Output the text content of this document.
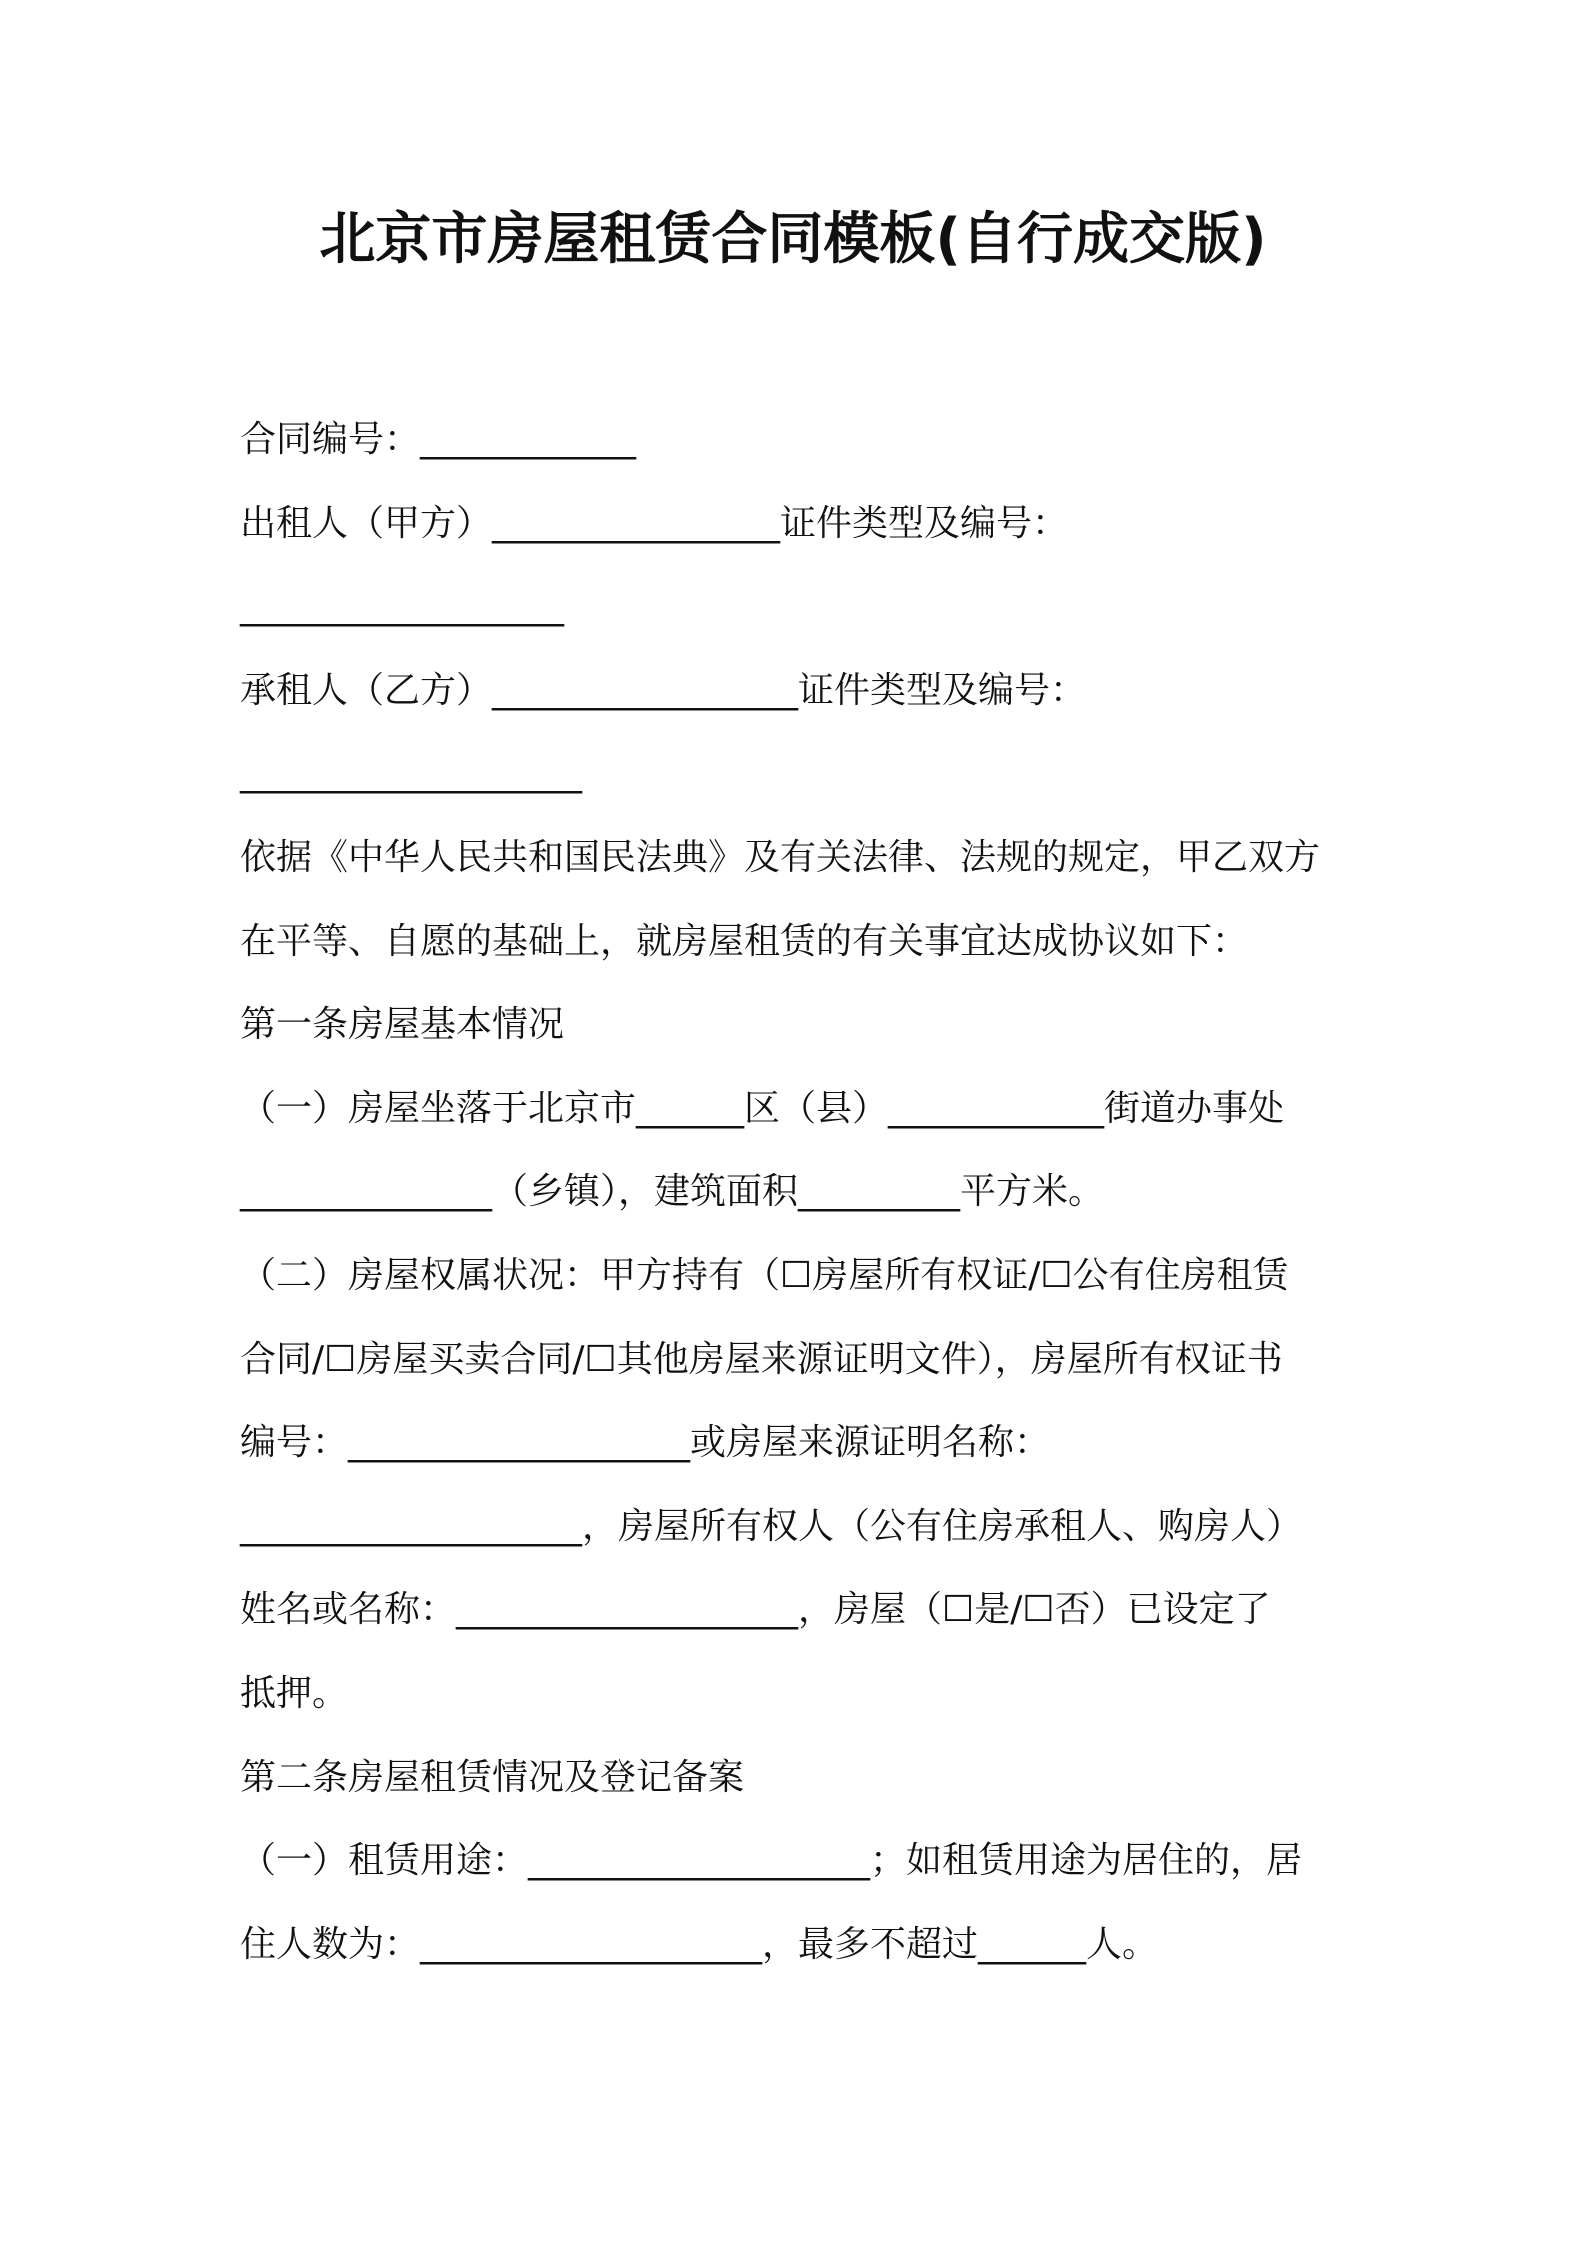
北京市房屋租赁合同模板(自行成交版)
合同编号：____________
出租人（甲方）________________证件类型及编号：
__________________
承租人（乙方）_________________证件类型及编号：
___________________
依据《中华人民共和国民法典》及有关法律、法规的规定，甲乙双方
在平等、自愿的基础上，就房屋租赁的有关事宜达成协议如下：
第一条房屋基本情况
（一）房屋坐落于北京市______区（县）____________街道办事处
______________（乡镇），建筑面积_________平方米。
（二）房屋权属状况：甲方持有（☐房屋所有权证/☐公有住房租赁
合同/☐房屋买卖合同/☐其他房屋来源证明文件），房屋所有权证书
编号：___________________或房屋来源证明名称：
___________________，房屋所有权人（公有住房承租人、购房人）
姓名或名称：___________________，房屋（☐是/☐否）已设定了
抵押。
第二条房屋租赁情况及登记备案
（一）租赁用途：___________________；如租赁用途为居住的，居
住人数为：___________________，最多不超过______人。
